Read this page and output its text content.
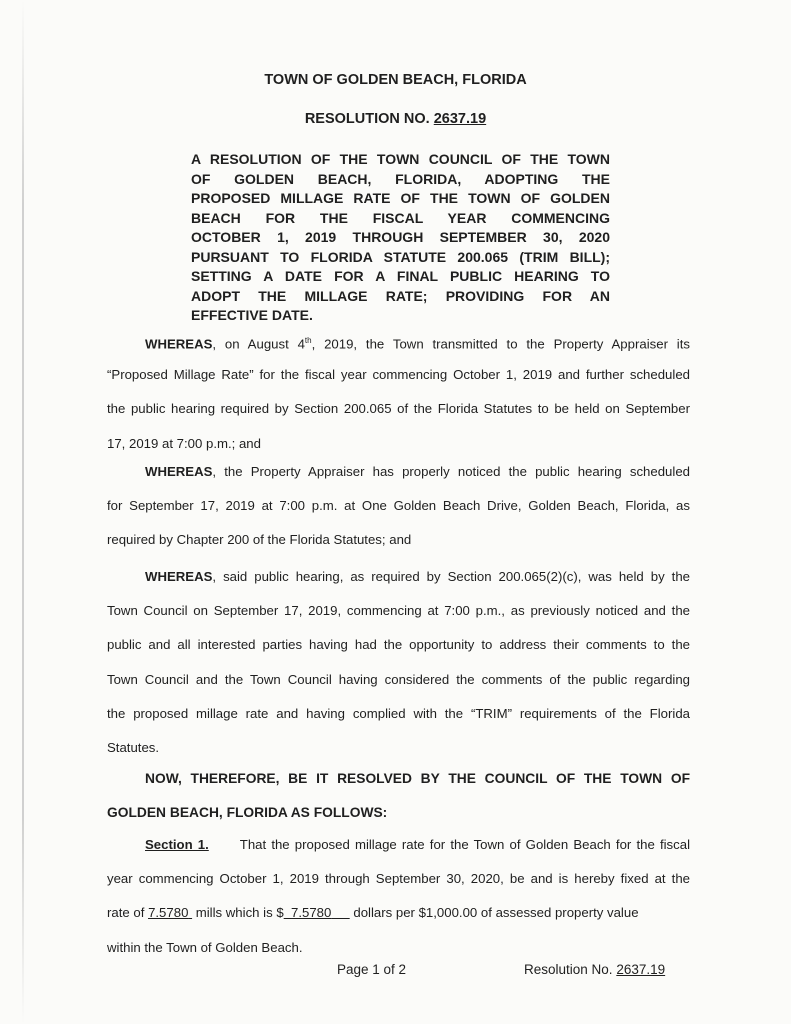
TOWN OF GOLDEN BEACH, FLORIDA
RESOLUTION NO. 2637.19
A RESOLUTION OF THE TOWN COUNCIL OF THE TOWN
OF GOLDEN BEACH, FLORIDA, ADOPTING THE
PROPOSED MILLAGE RATE OF THE TOWN OF GOLDEN
BEACH FOR THE FISCAL YEAR COMMENCING
OCTOBER 1, 2019 THROUGH SEPTEMBER 30, 2020
PURSUANT TO FLORIDA STATUTE 200.065 (TRIM BILL);
SETTING A DATE FOR A FINAL PUBLIC HEARING TO
ADOPT THE MILLAGE RATE; PROVIDING FOR AN
EFFECTIVE DATE.
WHEREAS, on August 4th, 2019, the Town transmitted to the Property Appraiser its
“Proposed Millage Rate” for the fiscal year commencing October 1, 2019 and further scheduled
the public hearing required by Section 200.065 of the Florida Statutes to be held on September
17, 2019 at 7:00 p.m.; and
WHEREAS, the Property Appraiser has properly noticed the public hearing scheduled
for September 17, 2019 at 7:00 p.m. at One Golden Beach Drive, Golden Beach, Florida, as
required by Chapter 200 of the Florida Statutes; and
WHEREAS, said public hearing, as required by Section 200.065(2)(c), was held by the
Town Council on September 17, 2019, commencing at 7:00 p.m., as previously noticed and the
public and all interested parties having had the opportunity to address their comments to the
Town Council and the Town Council having considered the comments of the public regarding
the proposed millage rate and having complied with the “TRIM” requirements of the Florida
Statutes.
NOW, THEREFORE, BE IT RESOLVED BY THE COUNCIL OF THE TOWN OF
GOLDEN BEACH, FLORIDA AS FOLLOWS:
Section 1. That the proposed millage rate for the Town of Golden Beach for the fiscal
year commencing October 1, 2019 through September 30, 2020, be and is hereby fixed at the
rate of 7.5780 mills which is $ 7.5780 dollars per $1,000.00 of assessed property value
within the Town of Golden Beach.
Page 1 of 2	Resolution No. 2637.19
